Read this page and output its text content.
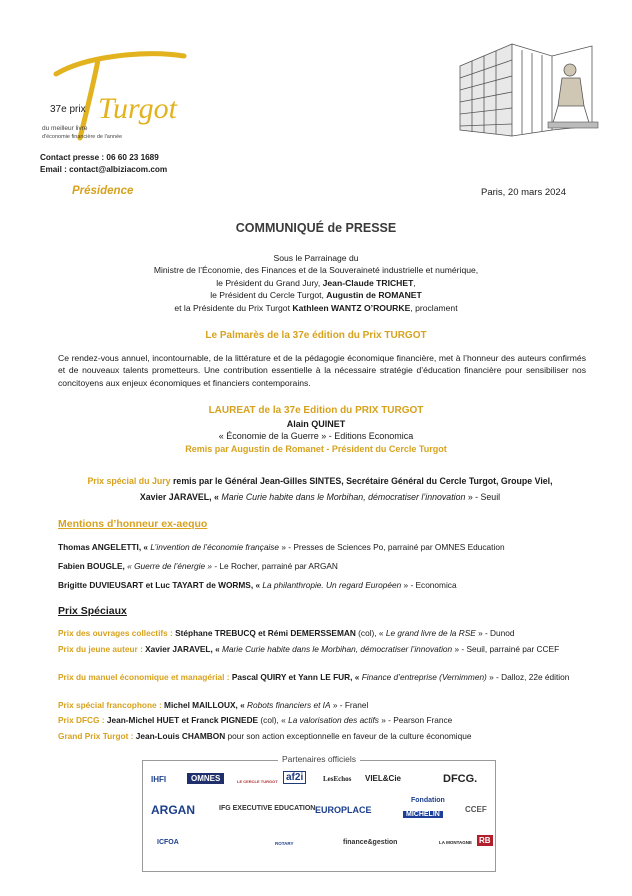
37e prix Turgot
du meilleur livre
d'économie financière de l'année
Contact presse : 06 60 23 1689
Email : contact@albiziacom.com
Présidence	Paris, 20 mars 2024
COMMUNIQUÉ de PRESSE
Sous le Parrainage du
Ministre de l’Économie, des Finances et de la Souveraineté industrielle et numérique,
le Président du Grand Jury, Jean-Claude TRICHET,
le Président du Cercle Turgot, Augustin de ROMANET
et la Présidente du Prix Turgot Kathleen WANTZ O’ROURKE, proclament
Le Palmarès de la 37e édition du Prix TURGOT
Ce rendez-vous annuel, incontournable, de la littérature et de la pédagogie économique financière, met à l’honneur des auteurs confirmés et de nouveaux talents prometteurs. Une contribution essentielle à la nécessaire stratégie d’éducation financière pour sensibiliser nos concitoyens aux enjeux économiques et financiers contemporains.
LAUREAT de la 37e Edition du PRIX TURGOT
Alain QUINET
« Économie de la Guerre » - Editions Economica
Remis par Augustin de Romanet - Président du Cercle Turgot
Prix spécial du Jury remis par le Général Jean-Gilles SINTES, Secrétaire Général du Cercle Turgot, Groupe Viel,
Xavier JARAVEL, « Marie Curie habite dans le Morbihan, démocratiser l’innovation » - Seuil
Mentions d’honneur ex-aequo
Thomas ANGELETTI, « L’invention de l’économie française » - Presses de Sciences Po, parrainé par OMNES Education
Fabien BOUGLE, « Guerre de l’énergie » - Le Rocher, parrainé par ARGAN
Brigitte DUVIEUSART et Luc TAYART de WORMS, « La philanthropie. Un regard Européen » - Economica
Prix Spéciaux
Prix des ouvrages collectifs : Stéphane TREBUCQ et Rémi DEMERSSEMAN (col), « Le grand livre de la RSE » - Dunod
Prix du jeune auteur : Xavier JARAVEL, « Marie Curie habite dans le Morbihan, démocratiser l’innovation » - Seuil, parrainé par CCEF
Prix du manuel économique et managérial : Pascal QUIRY et Yann LE FUR, « Finance d’entreprise (Vernimmen) » - Dalloz, 22e édition
Prix spécial francophone : Michel MAILLOUX, « Robots financiers et IA » - Franel
Prix DFCG : Jean-Michel HUET et Franck PIGNEDE (col), « La valorisation des actifs » - Pearson France
Grand Prix Turgot : Jean-Louis CHAMBON pour son action exceptionnelle en faveur de la culture économique
Partenaires officiels
IHFI	OMNES	LE CERCLE TURGOT af2i	LesEchos VIEL&Cie	DFCG.
ARGAN	IFG EXECUTIVE EDUCATION EUROPLACE
Fondation
MICHELIN
CCEF
ICFOA	ROTARY	finance&gestion	LA MONTAGNE RB
